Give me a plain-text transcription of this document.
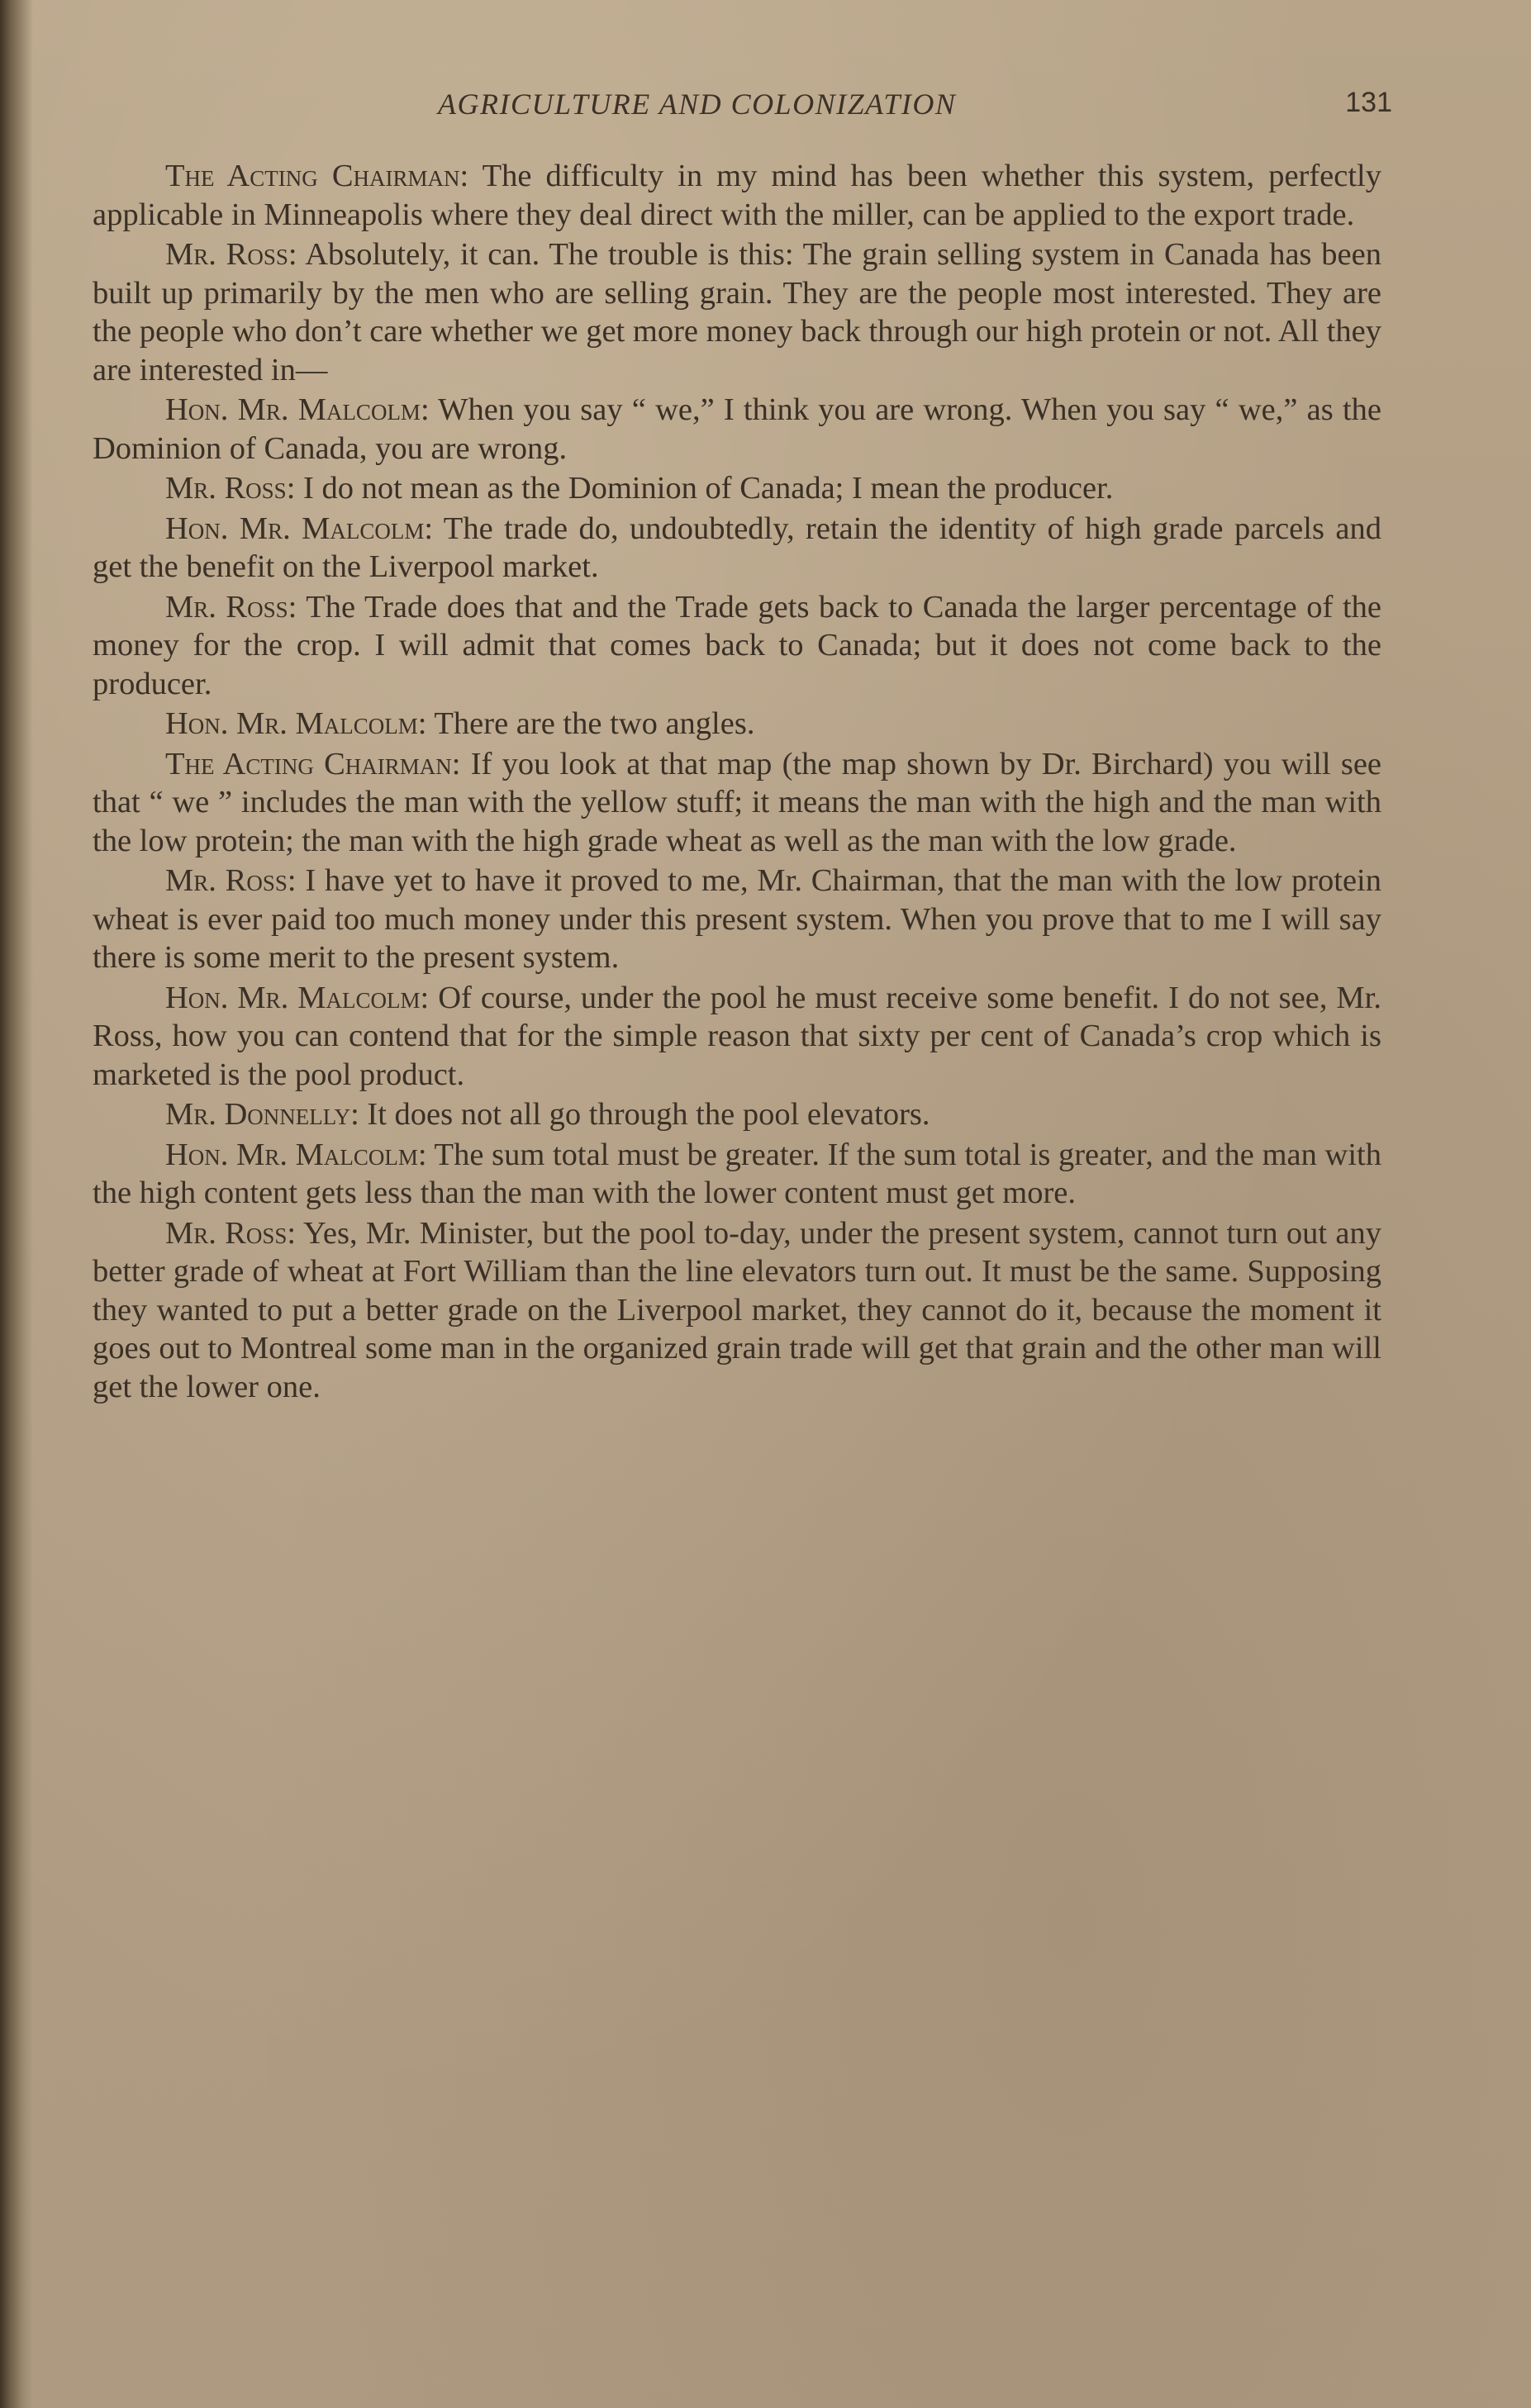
AGRICULTURE AND COLONIZATION	131

The Acting Chairman: The difficulty in my mind has been whether this system, perfectly applicable in Minneapolis where they deal direct with the miller, can be applied to the export trade.

Mr. Ross: Absolutely, it can. The trouble is this: The grain selling system in Canada has been built up primarily by the men who are selling grain. They are the people most interested. They are the people who don’t care whether we get more money back through our high protein or not. All they are interested in—

Hon. Mr. Malcolm: When you say “ we,” I think you are wrong. When you say “ we,” as the Dominion of Canada, you are wrong.

Mr. Ross: I do not mean as the Dominion of Canada; I mean the producer.

Hon. Mr. Malcolm: The trade do, undoubtedly, retain the identity of high grade parcels and get the benefit on the Liverpool market.

Mr. Ross: The Trade does that and the Trade gets back to Canada the larger percentage of the money for the crop. I will admit that comes back to Canada; but it does not come back to the producer.

Hon. Mr. Malcolm: There are the two angles.

The Acting Chairman: If you look at that map (the map shown by Dr. Birchard) you will see that “ we ” includes the man with the yellow stuff; it means the man with the high and the man with the low protein; the man with the high grade wheat as well as the man with the low grade.

Mr. Ross: I have yet to have it proved to me, Mr. Chairman, that the man with the low protein wheat is ever paid too much money under this present system. When you prove that to me I will say there is some merit to the present system.

Hon. Mr. Malcolm: Of course, under the pool he must receive some benefit. I do not see, Mr. Ross, how you can contend that for the simple reason that sixty per cent of Canada’s crop which is marketed is the pool product.

Mr. Donnelly: It does not all go through the pool elevators.

Hon. Mr. Malcolm: The sum total must be greater. If the sum total is greater, and the man with the high content gets less than the man with the lower content must get more.

Mr. Ross: Yes, Mr. Minister, but the pool to-day, under the present system, cannot turn out any better grade of wheat at Fort William than the line elevators turn out. It must be the same. Supposing they wanted to put a better grade on the Liverpool market, they cannot do it, because the moment it goes out to Montreal some man in the organized grain trade will get that grain and the other man will get the lower one.
